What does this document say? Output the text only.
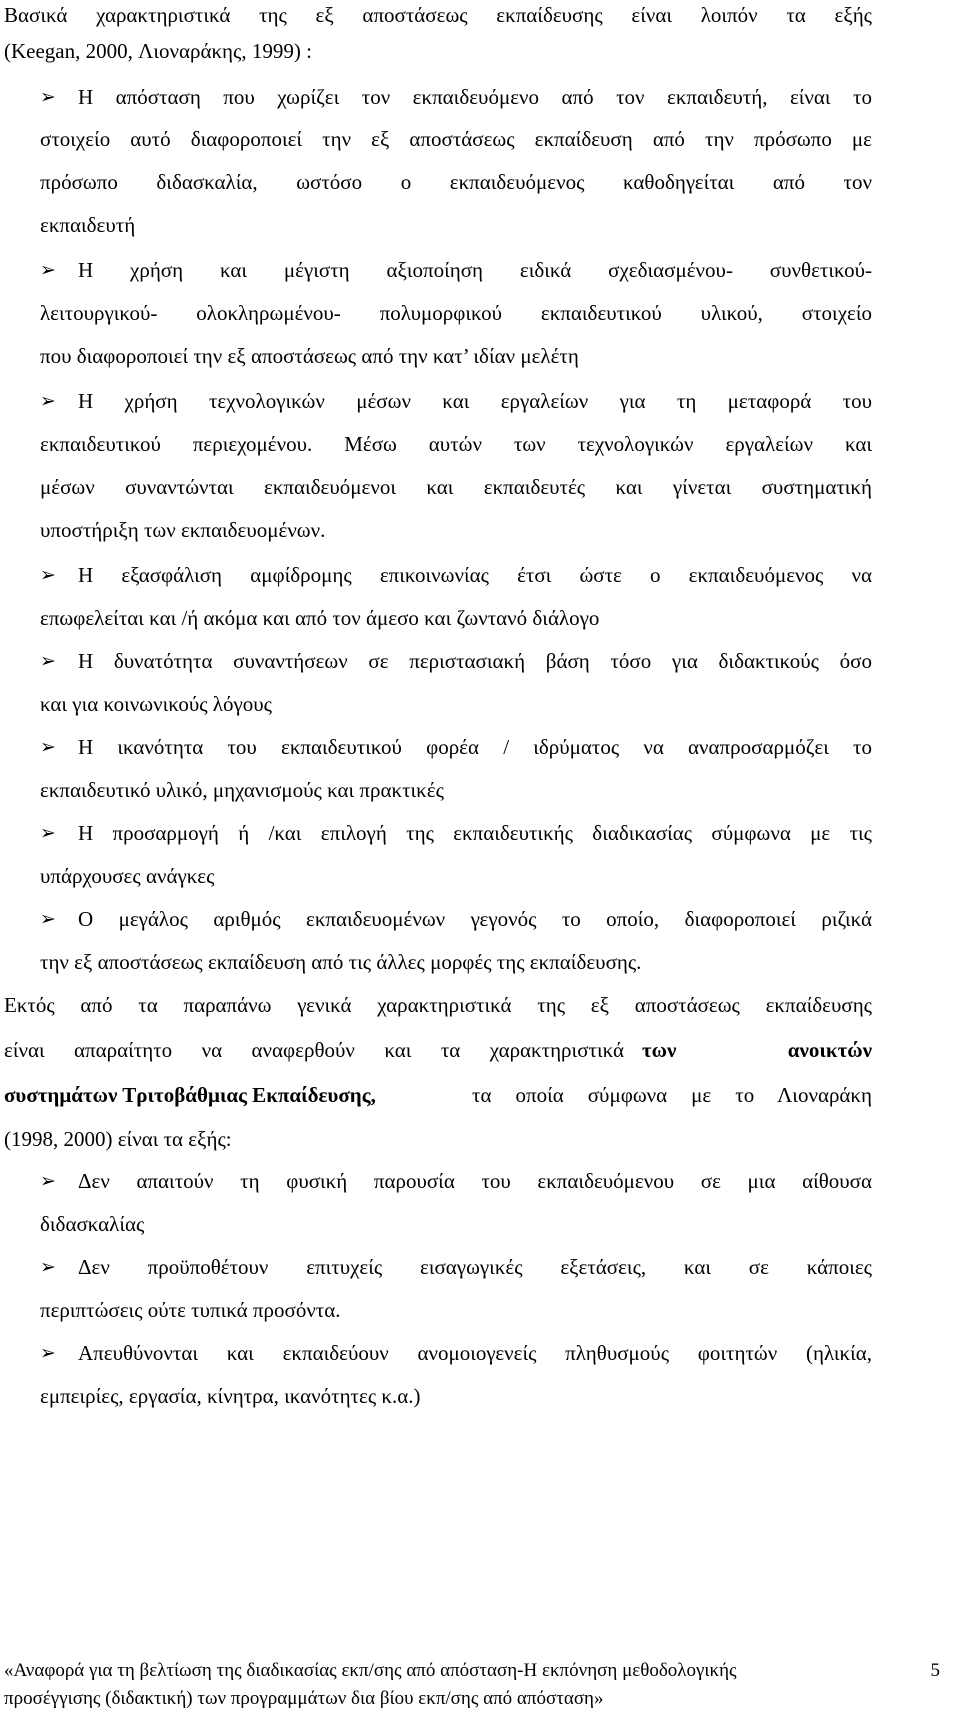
Βασικά χαρακτηριστικά της εξ αποστάσεως εκπαίδευσης είναι λοιπόν τα εξής
(Keegan, 2000, Λιοναράκης, 1999) :
➢ Η απόσταση που χωρίζει τον εκπαιδευόμενο από τον εκπαιδευτή, είναι το
στοιχείο αυτό διαφοροποιεί την εξ αποστάσεως εκπαίδευση από την πρόσωπο με
πρόσωπο διδασκαλία, ωστόσο ο εκπαιδευόμενος καθοδηγείται από τον
εκπαιδευτή
➢ Η χρήση και μέγιστη αξιοποίηση ειδικά σχεδιασμένου- συνθετικού-
λειτουργικού- ολοκληρωμένου- πολυμορφικού εκπαιδευτικού υλικού, στοιχείο
που διαφοροποιεί την εξ αποστάσεως από την κατ’ ιδίαν μελέτη
➢ Η χρήση τεχνολογικών μέσων και εργαλείων για τη μεταφορά του
εκπαιδευτικού περιεχομένου. Μέσω αυτών των τεχνολογικών εργαλείων και
μέσων συναντώνται εκπαιδευόμενοι και εκπαιδευτές και γίνεται συστηματική
υποστήριξη των εκπαιδευομένων.
➢ Η εξασφάλιση αμφίδρομης επικοινωνίας έτσι ώστε ο εκπαιδευόμενος να
επωφελείται και /ή ακόμα και από τον άμεσο και ζωντανό διάλογο
➢ Η δυνατότητα συναντήσεων σε περιστασιακή βάση τόσο για διδακτικούς όσο
και για κοινωνικούς λόγους
➢ Η ικανότητα του εκπαιδευτικού φορέα / ιδρύματος να αναπροσαρμόζει το
εκπαιδευτικό υλικό, μηχανισμούς και πρακτικές
➢ Η προσαρμογή ή /και επιλογή της εκπαιδευτικής διαδικασίας σύμφωνα με τις
υπάρχουσες ανάγκες
➢ Ο μεγάλος αριθμός εκπαιδευομένων γεγονός το οποίο, διαφοροποιεί ριζικά
την εξ αποστάσεως εκπαίδευση από τις άλλες μορφές της εκπαίδευσης.
Εκτός από τα παραπάνω γενικά χαρακτηριστικά της εξ αποστάσεως εκπαίδευσης
είναι απαραίτητο να αναφερθούν και τα χαρακτηριστικά των ανοικτών
συστημάτων Τριτοβάθμιας Εκπαίδευσης,	τα οποία σύμφωνα με το Λιοναράκη
(1998, 2000) είναι τα εξής:
➢ Δεν απαιτούν τη φυσική παρουσία του εκπαιδευόμενου σε μια αίθουσα
διδασκαλίας
➢ Δεν προϋποθέτουν επιτυχείς εισαγωγικές εξετάσεις, και σε κάποιες
περιπτώσεις ούτε τυπικά προσόντα.
➢ Απευθύνονται και εκπαιδεύουν ανομοιογενείς πληθυσμούς φοιτητών (ηλικία,
εμπειρίες, εργασία, κίνητρα, ικανότητες κ.α.)
«Αναφορά για τη βελτίωση της διαδικασίας εκπ/σης από απόσταση-Η εκπόνηση μεθοδολογικής
προσέγγισης (διδακτική) των προγραμμάτων δια βίου εκπ/σης από απόσταση»
5
